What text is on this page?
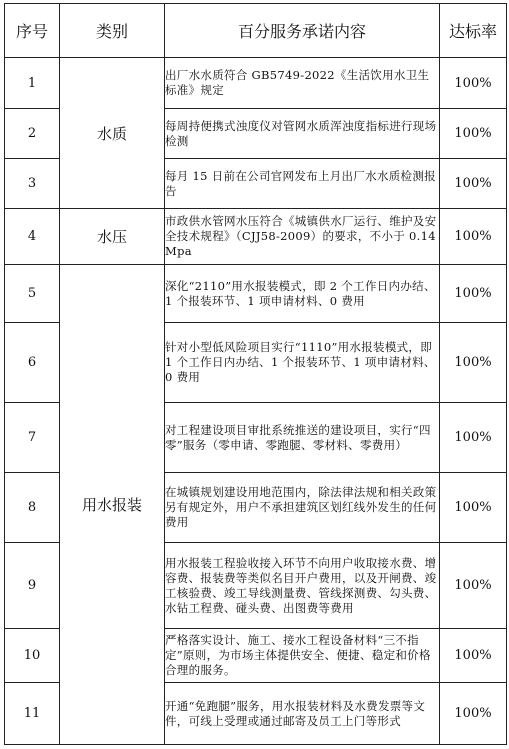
序号	类别	百分服务承诺内容	达标率
1	水质	出厂水水质符合 GB5749-2022《生活饮用水卫生标准》规定	100%
2		每周持便携式浊度仪对管网水质浑浊度指标进行现场检测	100%
3		每月 15 日前在公司官网发布上月出厂水水质检测报告	100%
4	水压	市政供水管网水压符合《城镇供水厂运行、维护及安全技术规程》（CJJ58-2009）的要求，不小于 0.14Mpa	100%
5	用水报装	深化“2110”用水报装模式，即 2 个工作日内办结、1 个报装环节、1 项申请材料、0 费用	100%
6		针对小型低风险项目实行“1110”用水报装模式，即 1 个工作日内办结、1 个报装环节、1 项申请材料、0 费用	100%
7		对工程建设项目审批系统推送的建设项目，实行“四零”服务（零申请、零跑腿、零材料、零费用）	100%
8		在城镇规划建设用地范围内，除法律法规和相关政策另有规定外，用户不承担建筑区划红线外发生的任何费用	100%
9		用水报装工程验收接入环节不向用户收取接水费、增容费、报装费等类似名目开户费用，以及开闸费、竣工核验费、竣工导线测量费、管线探测费、勾头费、水钻工程费、碰头费、出图费等费用	100%
10		严格落实设计、施工、接水工程设备材料“三不指定”原则，为市场主体提供安全、便捷、稳定和价格合理的服务。	100%
11		开通“免跑腿”服务，用水报装材料及水费发票等文件，可线上受理或通过邮寄及员工上门等形式	100%
